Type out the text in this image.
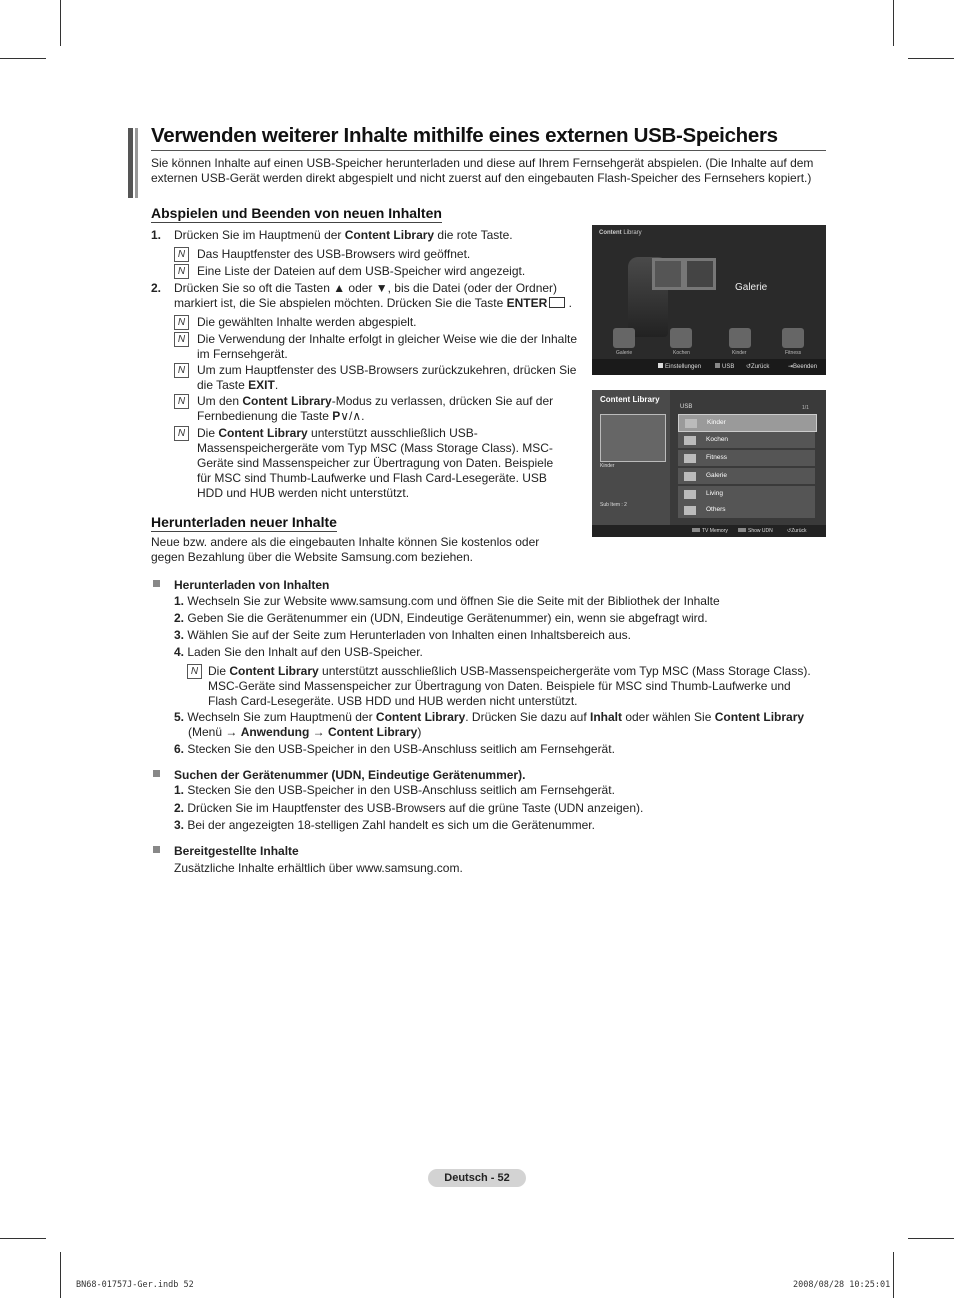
Verwenden weiterer Inhalte mithilfe eines externen USB-Speichers
Sie können Inhalte auf einen USB-Speicher herunterladen und diese auf Ihrem Fernsehgerät abspielen. (Die Inhalte auf dem externen USB-Gerät werden direkt abgespielt und nicht zuerst auf den eingebauten Flash-Speicher des Fernsehers kopiert.)
Abspielen und Beenden von neuen Inhalten
1. Drücken Sie im Hauptmenü der Content Library die rote Taste.
N Das Hauptfenster des USB-Browsers wird geöffnet.
N Eine Liste der Dateien auf dem USB-Speicher wird angezeigt.
2. Drücken Sie so oft die Tasten ▲ oder ▼, bis die Datei (oder der Ordner)
markiert ist, die Sie abspielen möchten. Drücken Sie die Taste ENTER .
N Die gewählten Inhalte werden abgespielt.
N Die Verwendung der Inhalte erfolgt in gleicher Weise wie die der Inhalte im Fernsehgerät.
N Um zum Hauptfenster des USB-Browsers zurückzukehren, drücken Sie die Taste EXIT.
N Um den Content Library-Modus zu verlassen, drücken Sie auf der Fernbedienung die Taste P∨/∧.
N Die Content Library unterstützt ausschließlich USB-Massenspeichergeräte vom Typ MSC (Mass Storage Class). MSC-Geräte sind Massenspeicher zur Übertragung von Daten. Beispiele für MSC sind Thumb-Laufwerke und Flash Card-Lesegeräte. USB HDD und HUB werden nicht unterstützt.
Herunterladen neuer Inhalte
Neue bzw. andere als die eingebauten Inhalte können Sie kostenlos oder gegen Bezahlung über die Website Samsung.com beziehen.
Content Library
Galerie
Galerie	Kochen	Kinder	Fitness
Einstellungen	USB ↺Zurück	⇥Beenden
Content Library
Kinder
Sub Item : 2
USB	1/1
Kinder
Kochen
Fitness
Galerie
Living
Others
TV Memory	Show UDN	↺Zurück
Herunterladen von Inhalten
1. Wechseln Sie zur Website www.samsung.com und öffnen Sie die Seite mit der Bibliothek der Inhalte
2. Geben Sie die Gerätenummer ein (UDN, Eindeutige Gerätenummer) ein, wenn sie abgefragt wird.
3. Wählen Sie auf der Seite zum Herunterladen von Inhalten einen Inhaltsbereich aus.
4. Laden Sie den Inhalt auf den USB-Speicher.
N Die Content Library unterstützt ausschließlich USB-Massenspeichergeräte vom Typ MSC (Mass Storage Class). MSC-Geräte sind Massenspeicher zur Übertragung von Daten. Beispiele für MSC sind Thumb-Laufwerke und Flash Card-Lesegeräte. USB HDD und HUB werden nicht unterstützt.
5. Wechseln Sie zum Hauptmenü der Content Library. Drücken Sie dazu auf Inhalt oder wählen Sie Content Library
(Menü → Anwendung → Content Library)
6. Stecken Sie den USB-Speicher in den USB-Anschluss seitlich am Fernsehgerät.
Suchen der Gerätenummer (UDN, Eindeutige Gerätenummer).
1. Stecken Sie den USB-Speicher in den USB-Anschluss seitlich am Fernsehgerät.
2. Drücken Sie im Hauptfenster des USB-Browsers auf die grüne Taste (UDN anzeigen).
3. Bei der angezeigten 18-stelligen Zahl handelt es sich um die Gerätenummer.
Bereitgestellte Inhalte
Zusätzliche Inhalte erhältlich über www.samsung.com.
Deutsch - 52
BN68-01757J-Ger.indb 52	2008/08/28 10:25:01
